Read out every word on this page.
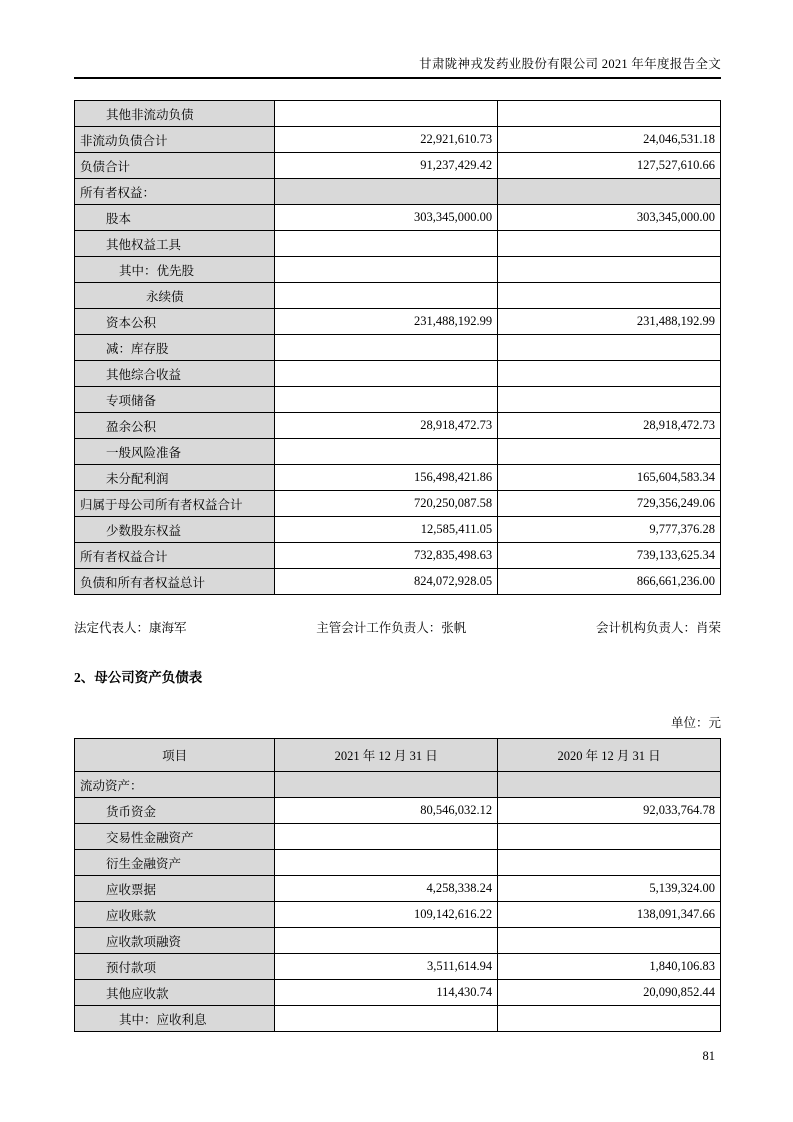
甘肃陇神戎发药业股份有限公司 2021 年年度报告全文
其他非流动负债		
非流动负债合计	22,921,610.73	24,046,531.18
负债合计	91,237,429.42	127,527,610.66
所有者权益：		
股本	303,345,000.00	303,345,000.00
其他权益工具		
其中：优先股		
永续债		
资本公积	231,488,192.99	231,488,192.99
减：库存股		
其他综合收益		
专项储备		
盈余公积	28,918,472.73	28,918,472.73
一般风险准备		
未分配利润	156,498,421.86	165,604,583.34
归属于母公司所有者权益合计	720,250,087.58	729,356,249.06
少数股东权益	12,585,411.05	9,777,376.28
所有者权益合计	732,835,498.63	739,133,625.34
负债和所有者权益总计	824,072,928.05	866,661,236.00
法定代表人：康海军	主管会计工作负责人：张帆	会计机构负责人：肖荣
2、母公司资产负债表
单位：元
项目	2021 年 12 月 31 日	2020 年 12 月 31 日
流动资产：		
货币资金	80,546,032.12	92,033,764.78
交易性金融资产		
衍生金融资产		
应收票据	4,258,338.24	5,139,324.00
应收账款	109,142,616.22	138,091,347.66
应收款项融资		
预付款项	3,511,614.94	1,840,106.83
其他应收款	114,430.74	20,090,852.44
其中：应收利息		
81
